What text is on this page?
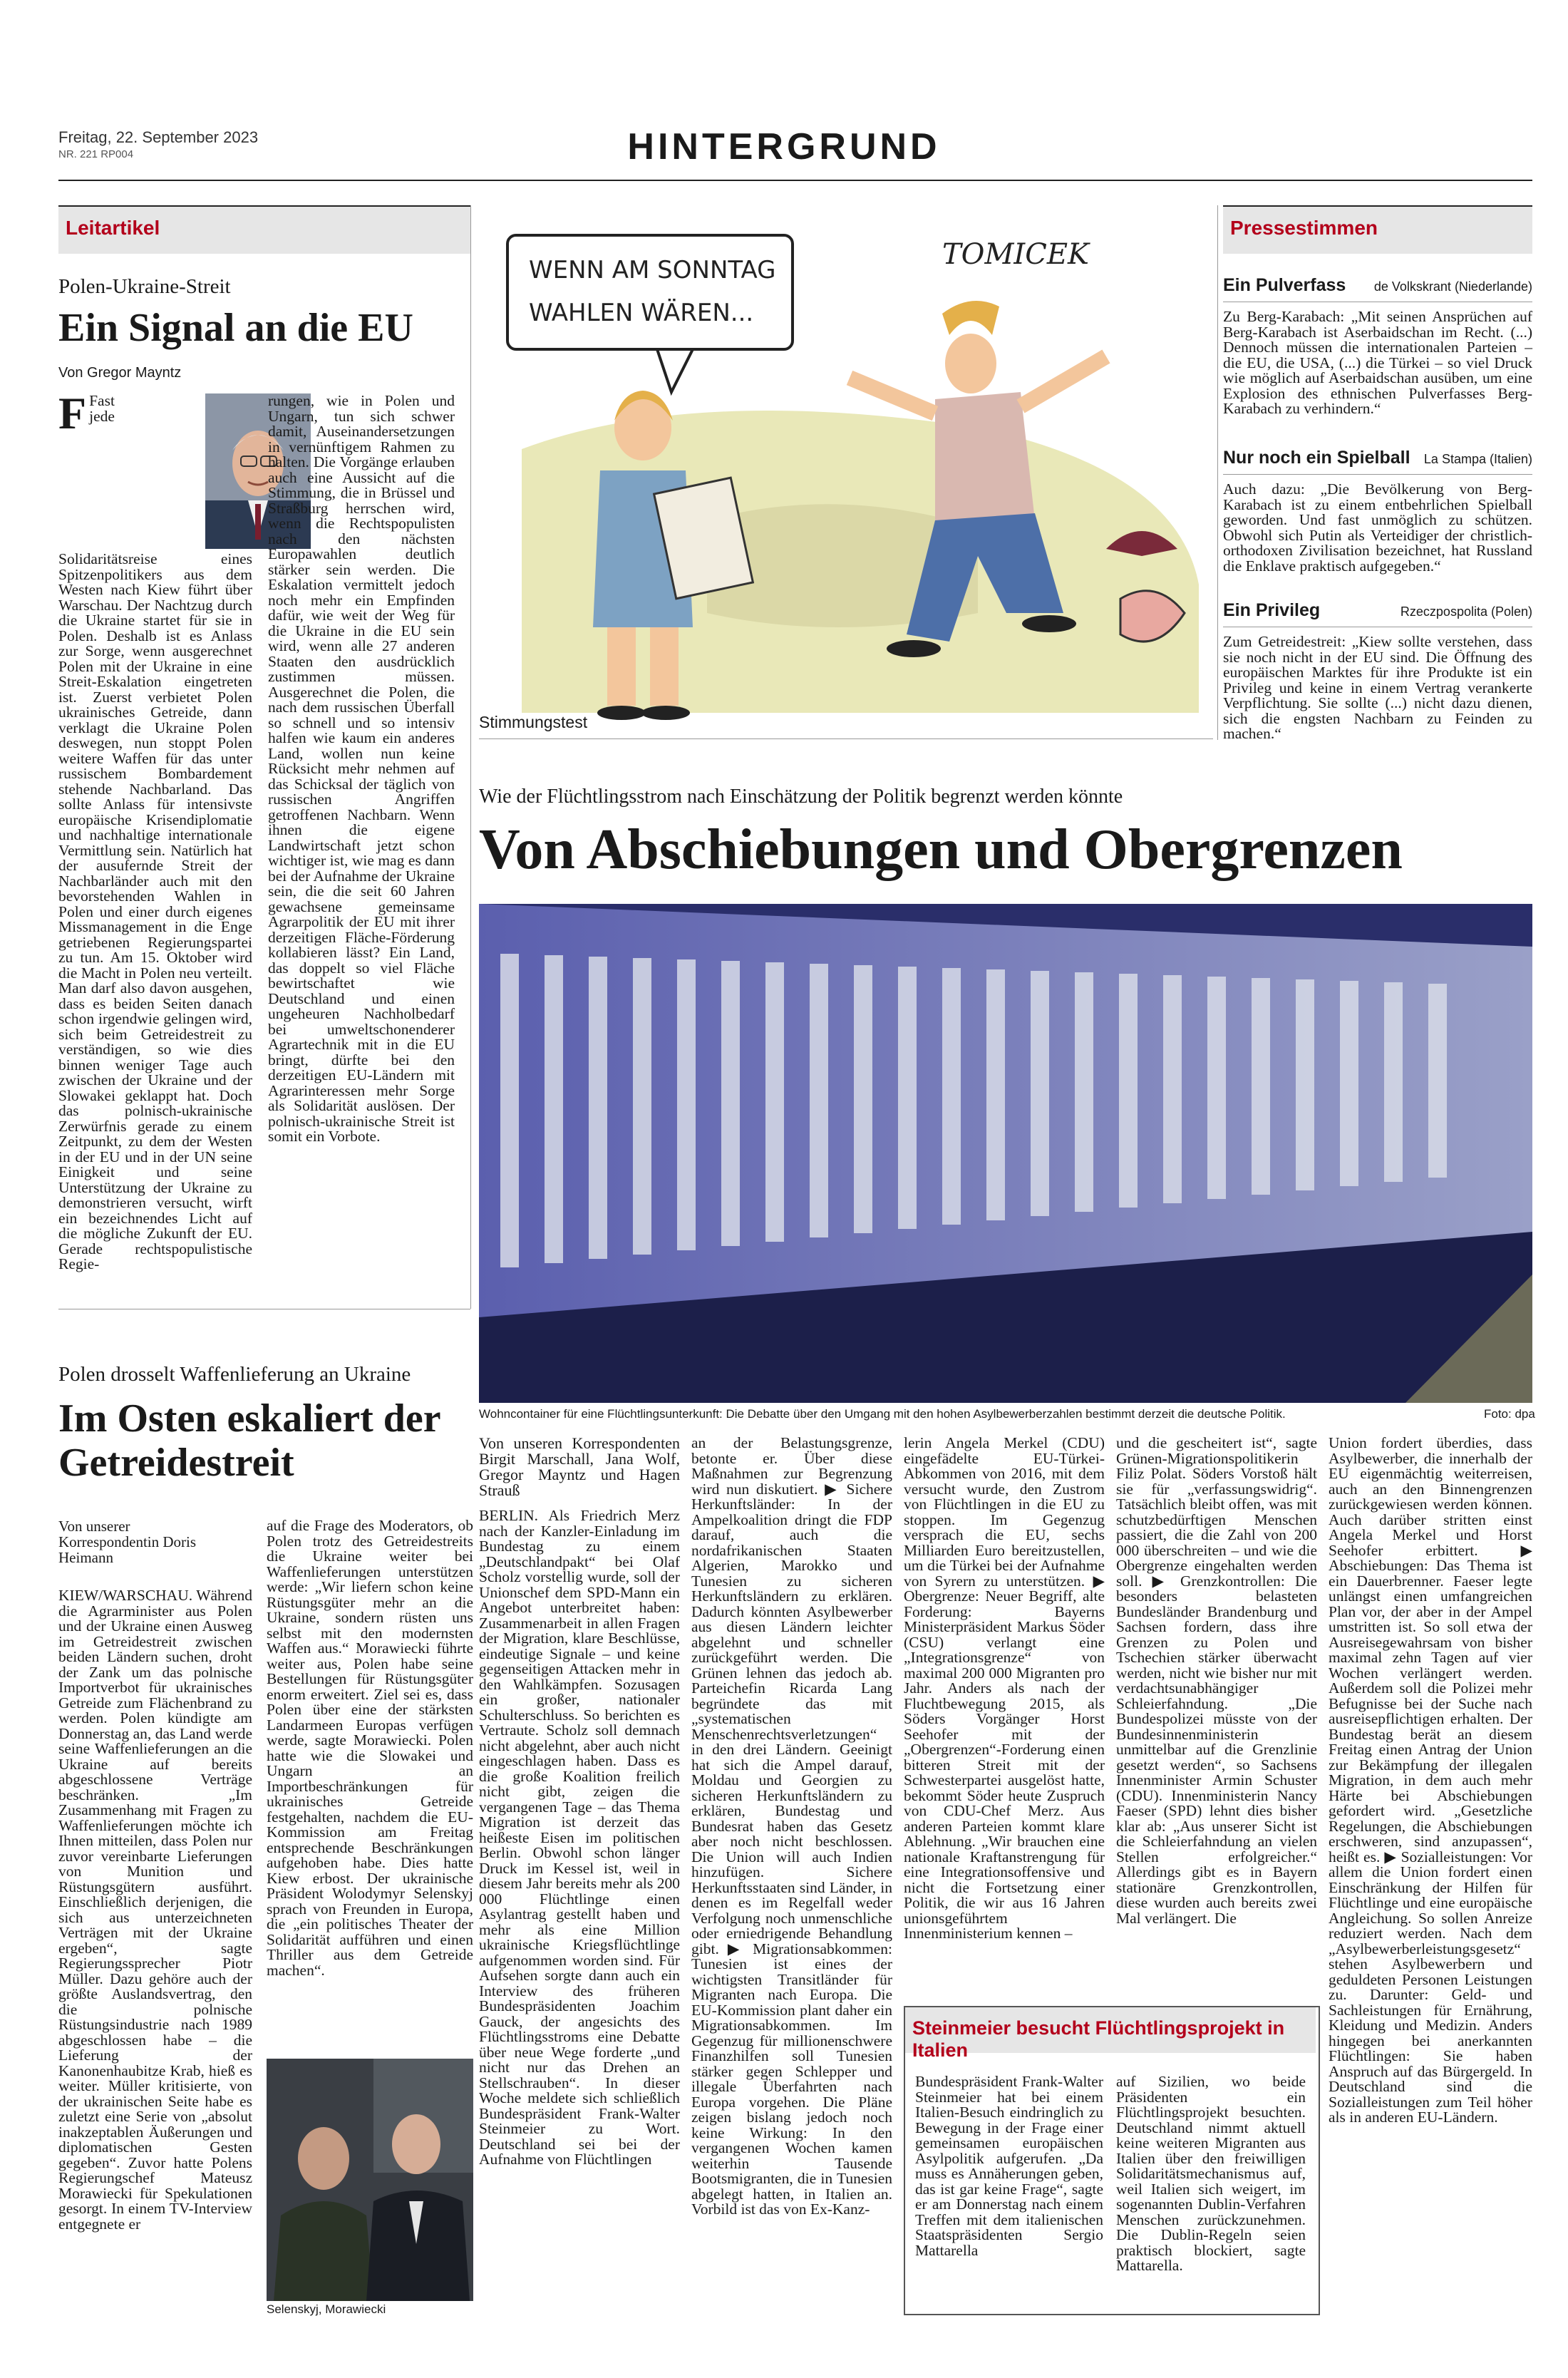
Freitag, 22. September 2023
NR. 221 RP004	HINTERGRUND
Leitartikel
Polen-Ukraine-Streit
Ein Signal an die EU
Von Gregor Mayntz
F Fast jede Solidaritätsreise eines Spitzenpolitikers aus dem Westen nach Kiew führt über Warschau. Der Nachtzug durch die Ukraine startet für sie in Polen. Deshalb ist es Anlass zur Sorge, wenn ausgerechnet Polen mit der Ukraine in eine Streit-Eskalation eingetreten ist. Zuerst verbietet Polen ukrainisches Getreide, dann verklagt die Ukraine Polen deswegen, nun stoppt Polen weitere Waffen für das unter russischem Bombardement stehende Nachbarland. Das sollte Anlass für intensivste europäische Krisendiplomatie und nachhaltige internationale Vermittlung sein. Natürlich hat der ausufernde Streit der Nachbarländer auch mit den bevorstehenden Wahlen in Polen und einer durch eigenes Missmanagement in die Enge getriebenen Regierungspartei zu tun. Am 15. Oktober wird die Macht in Polen neu verteilt. Man darf also davon ausgehen, dass es beiden Seiten danach schon irgendwie gelingen wird, sich beim Getreidestreit zu verständigen, so wie dies binnen weniger Tage auch zwischen der Ukraine und der Slowakei geklappt hat. Doch das polnisch-ukrainische Zerwürfnis gerade zu einem Zeitpunkt, zu dem der Westen in der EU und in der UN seine Einigkeit und seine Unterstützung der Ukraine zu demonstrieren versucht, wirft ein bezeichnendes Licht auf die mögliche Zukunft der EU. Gerade rechtspopulistische Regie-

rungen, wie in Polen und Ungarn, tun sich schwer damit, Auseinandersetzungen in vernünftigem Rahmen zu halten. Die Vorgänge erlauben auch eine Aussicht auf die Stimmung, die in Brüssel und Straßburg herrschen wird, wenn die Rechtspopulisten nach den nächsten Europawahlen deutlich stärker sein werden. Die Eskalation vermittelt jedoch noch mehr ein Empfinden dafür, wie weit der Weg für die Ukraine in die EU sein wird, wenn alle 27 anderen Staaten den ausdrücklich zustimmen müssen. Ausgerechnet die Polen, die nach dem russischen Überfall so schnell und so intensiv halfen wie kaum ein anderes Land, wollen nun keine Rücksicht mehr nehmen auf das Schicksal der täglich von russischen Angriffen getroffenen Nachbarn. Wenn ihnen die eigene Landwirtschaft jetzt schon wichtiger ist, wie mag es dann bei der Aufnahme der Ukraine sein, die die seit 60 Jahren gewachsene gemeinsame Agrarpolitik der EU mit ihrer derzeitigen Fläche-Förderung kollabieren lässt? Ein Land, das doppelt so viel Fläche bewirtschaftet wie Deutschland und einen ungeheuren Nachholbedarf bei umweltschonenderer Agrartechnik mit in die EU bringt, dürfte bei den derzeitigen EU-Ländern mit Agrarinteressen mehr Sorge als Solidarität auslösen. Der polnisch-ukrainische Streit ist somit ein Vorbote.

WENN AM SONNTAG
WAHLEN WÄREN...
TOMICEK
Stimmungstest
Pressestimmen
Ein Pulverfass de Volkskrant (Niederlande)
Zu Berg-Karabach: „Mit seinen Ansprüchen auf Berg-Karabach ist Aserbaidschan im Recht. (...) Dennoch müssen die internationalen Parteien – die EU, die USA, (...) die Türkei – so viel Druck wie möglich auf Aserbaidschan ausüben, um eine Explosion des ethnischen Pulverfasses Berg-Karabach zu verhindern.“
Nur noch ein Spielball La Stampa (Italien)
Auch dazu: „Die Bevölkerung von Berg-Karabach ist zu einem entbehrlichen Spielball geworden. Und fast unmöglich zu schützen. Obwohl sich Putin als Verteidiger der christlich-orthodoxen Zivilisation bezeichnet, hat Russland die Enklave praktisch aufgegeben.“
Ein Privileg	Rzeczpospolita (Polen)
Zum Getreidestreit: „Kiew sollte verstehen, dass sie noch nicht in der EU sind. Die Öffnung des europäischen Marktes für ihre Produkte ist ein Privileg und keine in einem Vertrag verankerte Verpflichtung. Sie sollte (...) nicht dazu dienen, sich die engsten Nachbarn zu Feinden zu machen.“
Wie der Flüchtlingsstrom nach Einschätzung der Politik begrenzt werden könnte
Von Abschiebungen und Obergrenzen
Wohncontainer für eine Flüchtlingsunterkunft: Die Debatte über den Umgang mit den hohen Asylbewerberzahlen bestimmt derzeit die deutsche Politik.	Foto: dpa

Von unseren Korrespondenten Birgit Marschall, Jana Wolf, Gregor Mayntz und Hagen Strauß

BERLIN. Als Friedrich Merz nach der Kanzler-Einladung im Bundestag zu einem „Deutschlandpakt“ bei Olaf Scholz vorstellig wurde, soll der Unionschef dem SPD-Mann ein Angebot unterbreitet haben: Zusammenarbeit in allen Fragen der Migration, klare Beschlüsse, eindeutige Signale – und keine gegenseitigen Attacken mehr in den Wahlkämpfen. Sozusagen ein großer, nationaler Schulterschluss. So berichten es Vertraute. Scholz soll demnach nicht abgelehnt, aber auch nicht eingeschlagen haben. Dass es die große Koalition freilich nicht gibt, zeigen die vergangenen Tage – das Thema Migration ist derzeit das heißeste Eisen im politischen Berlin. Obwohl schon länger Druck im Kessel ist, weil in diesem Jahr bereits mehr als 200 000 Flüchtlinge einen Asylantrag gestellt haben und mehr als eine Million ukrainische Kriegsflüchtlinge aufgenommen worden sind. Für Aufsehen sorgte dann auch ein Interview des früheren Bundespräsidenten Joachim Gauck, der angesichts des Flüchtlingsstroms eine Debatte über neue Wege forderte „und nicht nur das Drehen an Stellschrauben“. In dieser Woche meldete sich schließlich Bundespräsident Frank-Walter Steinmeier zu Wort. Deutschland sei bei der Aufnahme von Flüchtlingen

an der Belastungsgrenze, betonte er. Über diese Maßnahmen zur Begrenzung wird nun diskutiert. ▶ Sichere Herkunftsländer: In der Ampelkoalition dringt die FDP darauf, auch die nordafrikanischen Staaten Algerien, Marokko und Tunesien zu sicheren Herkunftsländern zu erklären. Dadurch könnten Asylbewerber aus diesen Ländern leichter abgelehnt und schneller zurückgeführt werden. Die Grünen lehnen das jedoch ab. Parteichefin Ricarda Lang begründete das mit „systematischen Menschenrechtsverletzungen“ in den drei Ländern. Geeinigt hat sich die Ampel darauf, Moldau und Georgien zu sicheren Herkunftsländern zu erklären, Bundestag und Bundesrat haben das Gesetz aber noch nicht beschlossen. Die Union will auch Indien hinzufügen. Sichere Herkunftsstaaten sind Länder, in denen es im Regelfall weder Verfolgung noch unmenschliche oder erniedrigende Behandlung gibt. ▶ Migrationsabkommen: Tunesien ist eines der wichtigsten Transitländer für Migranten nach Europa. Die EU-Kommission plant daher ein Migrationsabkommen. Im Gegenzug für millionenschwere Finanzhilfen soll Tunesien stärker gegen Schlepper und illegale Überfahrten nach Europa vorgehen. Die Pläne zeigen bislang jedoch noch keine Wirkung: In den vergangenen Wochen kamen weiterhin Tausende Bootsmigranten, die in Tunesien abgelegt hatten, in Italien an. Vorbild ist das von Ex-Kanz-

lerin Angela Merkel (CDU) eingefädelte EU-Türkei-Abkommen von 2016, mit dem versucht wurde, den Zustrom von Flüchtlingen in die EU zu stoppen. Im Gegenzug versprach die EU, sechs Milliarden Euro bereitzustellen, um die Türkei bei der Aufnahme von Syrern zu unterstützen. ▶ Obergrenze: Neuer Begriff, alte Forderung: Bayerns Ministerpräsident Markus Söder (CSU) verlangt eine „Integrationsgrenze“ von maximal 200 000 Migranten pro Jahr. Anders als nach der Fluchtbewegung 2015, als Söders Vorgänger Horst Seehofer mit der „Obergrenzen“-Forderung einen bitteren Streit mit der Schwesterpartei ausgelöst hatte, bekommt Söder heute Zuspruch von CDU-Chef Merz. Aus anderen Parteien kommt klare Ablehnung. „Wir brauchen eine nationale Kraftanstrengung für eine Integrationsoffensive und nicht die Fortsetzung einer Politik, die wir aus 16 Jahren unionsgeführtem Innenministerium kennen –

und die gescheitert ist“, sagte Grünen-Migrationspolitikerin Filiz Polat. Söders Vorstoß hält sie für „verfassungswidrig“. Tatsächlich bleibt offen, was mit schutzbedürftigen Menschen passiert, die die Zahl von 200 000 überschreiten – und wie die Obergrenze eingehalten werden soll. ▶ Grenzkontrollen: Die besonders belasteten Bundesländer Brandenburg und Sachsen fordern, dass ihre Grenzen zu Polen und Tschechien stärker überwacht werden, nicht wie bisher nur mit verdachtsunabhängiger Schleierfahndung. „Die Bundespolizei müsste von der Bundesinnenministerin unmittelbar auf die Grenzlinie gesetzt werden“, so Sachsens Innenminister Armin Schuster (CDU). Innenministerin Nancy Faeser (SPD) lehnt dies bisher klar ab: „Aus unserer Sicht ist die Schleierfahndung an vielen Stellen erfolgreicher.“ Allerdings gibt es in Bayern stationäre Grenzkontrollen, diese wurden auch bereits zwei Mal verlängert. Die

Union fordert überdies, dass Asylbewerber, die innerhalb der EU eigenmächtig weiterreisen, auch an den Binnengrenzen zurückgewiesen werden können. Auch darüber stritten einst Angela Merkel und Horst Seehofer erbittert. ▶ Abschiebungen: Das Thema ist ein Dauerbrenner. Faeser legte unlängst einen umfangreichen Plan vor, der aber in der Ampel umstritten ist. So soll etwa der Ausreisegewahrsam von bisher maximal zehn Tagen auf vier Wochen verlängert werden. Außerdem soll die Polizei mehr Befugnisse bei der Suche nach ausreisepflichtigen erhalten. Der Bundestag berät an diesem Freitag einen Antrag der Union zur Bekämpfung der illegalen Migration, in dem auch mehr Härte bei Abschiebungen gefordert wird. „Gesetzliche Regelungen, die Abschiebungen erschweren, sind anzupassen“, heißt es. ▶ Sozialleistungen: Vor allem die Union fordert einen Einschränkung der Hilfen für Flüchtlinge und eine europäische Angleichung. So sollen Anreize reduziert werden. Nach dem „Asylbewerberleistungsgesetz“ stehen Asylbewerbern und geduldeten Personen Leistungen zu. Darunter: Geld- und Sachleistungen für Ernährung, Kleidung und Medizin. Anders hingegen bei anerkannten Flüchtlingen: Sie haben Anspruch auf das Bürgergeld. In Deutschland sind die Sozialleistungen zum Teil höher als in anderen EU-Ländern.

Steinmeier besucht Flüchtlingsprojekt in Italien

Bundespräsident Frank-Walter Steinmeier hat bei einem Italien-Besuch eindringlich zu Bewegung in der Frage einer gemeinsamen europäischen Asylpolitik aufgerufen. „Da muss es Annäherungen geben, das ist gar keine Frage“, sagte er am Donnerstag nach einem Treffen mit dem italienischen Staatspräsidenten Sergio Mattarella

auf Sizilien, wo beide Präsidenten ein Flüchtlingsprojekt besuchten. Deutschland nimmt aktuell keine weiteren Migranten aus Italien über den freiwilligen Solidaritätsmechanismus auf, weil Italien sich weigert, im sogenannten Dublin-Verfahren Menschen zurückzunehmen. Die Dublin-Regeln seien praktisch blockiert, sagte Mattarella.

Polen drosselt Waffenlieferung an Ukraine
Im Osten eskaliert der Getreidestreit
Von unserer Korrespondentin Doris Heimann

KIEW/WARSCHAU. Während die Agrarminister aus Polen und der Ukraine einen Ausweg im Getreidestreit zwischen beiden Ländern suchen, droht der Zank um das polnische Importverbot für ukrainisches Getreide zum Flächenbrand zu werden. Polen kündigte am Donnerstag an, das Land werde seine Waffenlieferungen an die Ukraine auf bereits abgeschlossene Verträge beschränken. „Im Zusammenhang mit Fragen zu Waffenlieferungen möchte ich Ihnen mitteilen, dass Polen nur zuvor vereinbarte Lieferungen von Munition und Rüstungsgütern ausführt. Einschließlich derjenigen, die sich aus unterzeichneten Verträgen mit der Ukraine ergeben“, sagte Regierungssprecher Piotr Müller. Dazu gehöre auch der größte Auslandsvertrag, den die polnische Rüstungsindustrie nach 1989 abgeschlossen habe – die Lieferung der Kanonenhaubitze Krab, hieß es weiter. Müller kritisierte, von der ukrainischen Seite habe es zuletzt eine Serie von „absolut inakzeptablen Äußerungen und diplomatischen Gesten gegeben“. Zuvor hatte Polens Regierungschef Mateusz Morawiecki für Spekulationen gesorgt. In einem TV-Interview entgegnete er

auf die Frage des Moderators, ob Polen trotz des Getreidestreits die Ukraine weiter bei Waffenlieferungen unterstützen werde: „Wir liefern schon keine Rüstungsgüter mehr an die Ukraine, sondern rüsten uns selbst mit den modernsten Waffen aus.“ Morawiecki führte weiter aus, Polen habe seine Bestellungen für Rüstungsgüter enorm erweitert. Ziel sei es, dass Polen über eine der stärksten Landarmeen Europas verfügen werde, sagte Morawiecki. Polen hatte wie die Slowakei und Ungarn an Importbeschränkungen für ukrainisches Getreide festgehalten, nachdem die EU-Kommission am Freitag entsprechende Beschränkungen aufgehoben habe. Dies hatte Kiew erbost. Der ukrainische Präsident Wolodymyr Selenskyj sprach von Freunden in Europa, die „ein politisches Theater der Solidarität aufführen und einen Thriller aus dem Getreide machen“.

Selenskyj, Morawiecki
